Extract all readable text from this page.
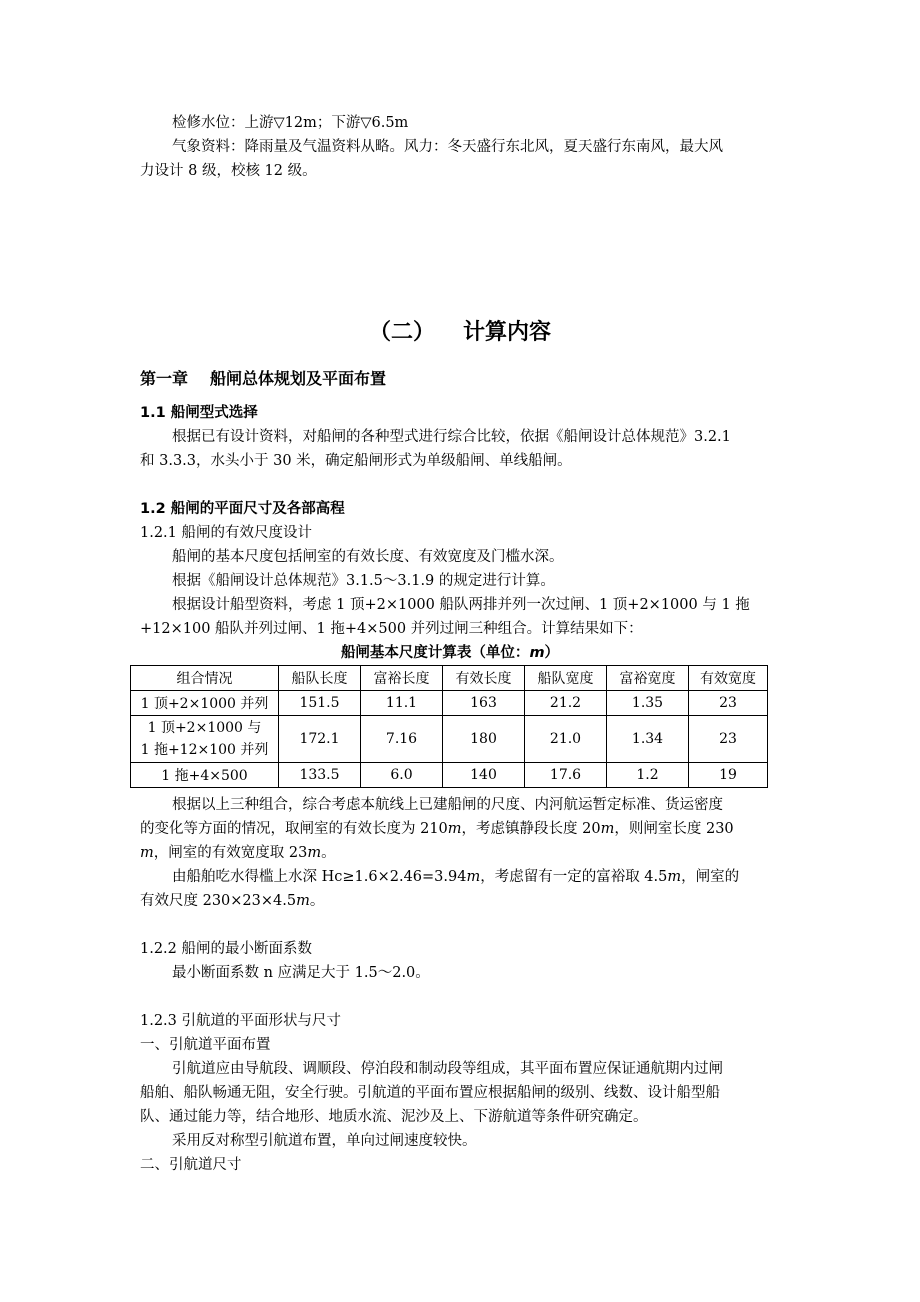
检修水位：上游▽12m；下游▽6.5m

气象资料：降雨量及气温资料从略。风力：冬天盛行东北风，夏天盛行东南风，最大风

力设计 8 级，校核 12 级。

（二） 计算内容

第一章 船闸总体规划及平面布置

1.1 船闸型式选择

根据已有设计资料，对船闸的各种型式进行综合比较，依据《船闸设计总体规范》3.2.1

和 3.3.3，水头小于 30 米，确定船闸形式为单级船闸、单线船闸。

1.2 船闸的平面尺寸及各部高程

1.2.1 船闸的有效尺度设计

船闸的基本尺度包括闸室的有效长度、有效宽度及门槛水深。

根据《船闸设计总体规范》3.1.5～3.1.9 的规定进行计算。

根据设计船型资料，考虑 1 顶+2×1000 船队两排并列一次过闸、1 顶+2×1000 与 1 拖

+12×100 船队并列过闸、1 拖+4×500 并列过闸三种组合。计算结果如下：

船闸基本尺度计算表（单位：m）
组合情况	船队长度	富裕长度	有效长度	船队宽度	富裕宽度	有效宽度
1 顶+2×1000 并列	151.5	11.1	163	21.2	1.35	23

1 顶+2×1000 与
1 拖+12×100 并列	172.1	7.16	180	21.0	1.34	23
1 拖+4×500	133.5	6.0	140	17.6	1.2	19

根据以上三种组合，综合考虑本航线上已建船闸的尺度、内河航运暂定标准、货运密度

的变化等方面的情况，取闸室的有效长度为 210m，考虑镇静段长度 20m，则闸室长度 230

m，闸室的有效宽度取 23m。

由船舶吃水得槛上水深 Hc≥1.6×2.46=3.94m，考虑留有一定的富裕取 4.5m，闸室的

有效尺度 230×23×4.5m。

1.2.2 船闸的最小断面系数

最小断面系数 n 应满足大于 1.5～2.0。

1.2.3 引航道的平面形状与尺寸

一、引航道平面布置

引航道应由导航段、调顺段、停泊段和制动段等组成，其平面布置应保证通航期内过闸

船舶、船队畅通无阻，安全行驶。引航道的平面布置应根据船闸的级别、线数、设计船型船

队、通过能力等，结合地形、地质水流、泥沙及上、下游航道等条件研究确定。

采用反对称型引航道布置，单向过闸速度较快。

二、引航道尺寸
